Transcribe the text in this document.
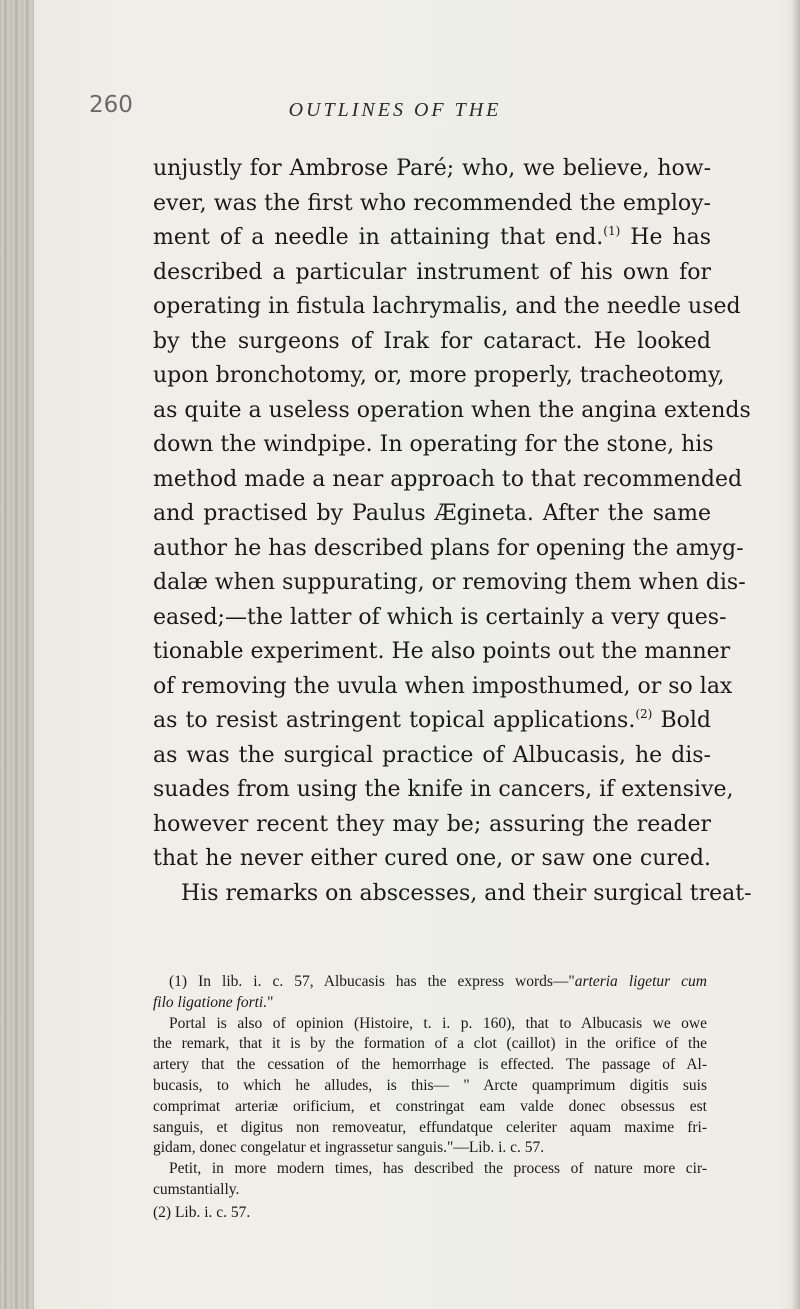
260	OUTLINES OF THE
unjustly for Ambrose Paré; who, we believe, how-
ever, was the first who recommended the employ-
ment of a needle in attaining that end.$^{(1)}$ He has
described a particular instrument of his own for
operating in fistula lachrymalis, and the needle used
by the surgeons of Irak for cataract. He looked
upon bronchotomy, or, more properly, tracheotomy,
as quite a useless operation when the angina extends
down the windpipe. In operating for the stone, his
method made a near approach to that recommended
and practised by Paulus Ægineta. After the same
author he has described plans for opening the amyg-
dalæ when suppurating, or removing them when dis-
eased;—the latter of which is certainly a very ques-
tionable experiment. He also points out the manner
of removing the uvula when imposthumed, or so lax
as to resist astringent topical applications.$^{(2)}$ Bold
as was the surgical practice of Albucasis, he dis-
suades from using the knife in cancers, if extensive,
however recent they may be; assuring the reader
that he never either cured one, or saw one cured.
His remarks on abscesses, and their surgical treat-
(1) In lib. i. c. 57, Albucasis has the express words—"arteria ligetur cum
filo ligatione forti."
Portal is also of opinion (Histoire, t. i. p. 160), that to Albucasis we owe
the remark, that it is by the formation of a clot (caillot) in the orifice of the
artery that the cessation of the hemorrhage is effected. The passage of Al-
bucasis, to which he alludes, is this— " Arcte quamprimum digitis suis
comprimat arteriæ orificium, et constringat eam valde donec obsessus est
sanguis, et digitus non removeatur, effundatque celeriter aquam maxime fri-
gidam, donec congelatur et ingrassetur sanguis."—Lib. i. c. 57.
Petit, in more modern times, has described the process of nature more cir-
cumstantially.
(2) Lib. i. c. 57.
